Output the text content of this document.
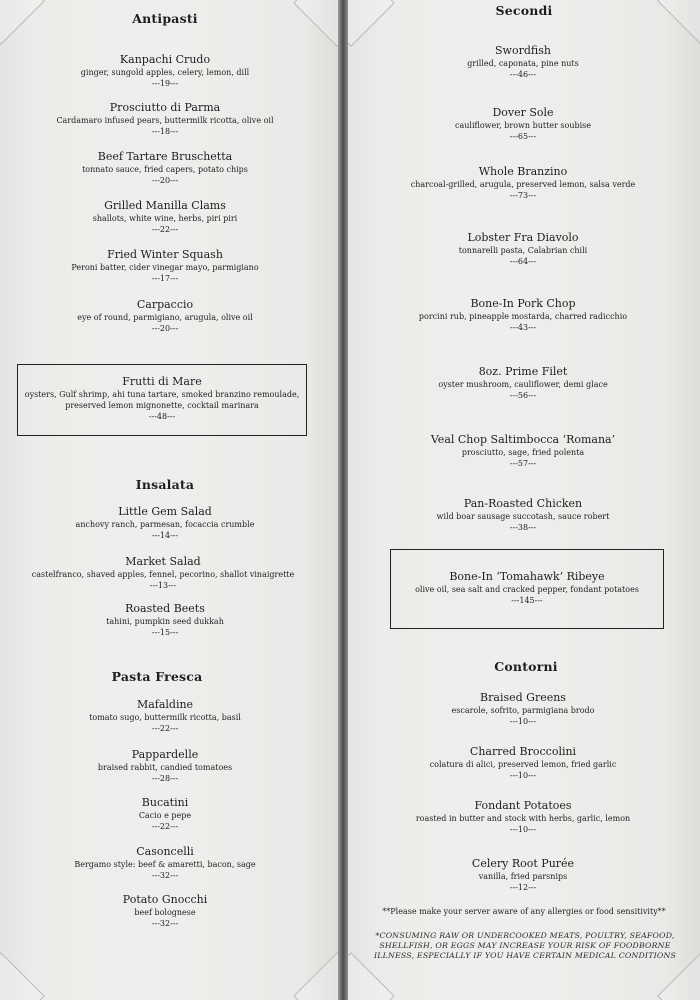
Antipasti
Kanpachi Crudo
ginger, sungold apples, celery, lemon, dill
---19---
Prosciutto di Parma
Cardamaro infused pears, buttermilk ricotta, olive oil
---18---
Beef Tartare Bruschetta
tonnato sauce, fried capers, potato chips
---20---
Grilled Manilla Clams
shallots, white wine, herbs, piri piri
---22---
Fried Winter Squash
Peroni batter, cider vinegar mayo, parmigiano
---17---
Carpaccio
eye of round, parmigiano, arugula, olive oil
---20---
Frutti di Mare
oysters, Gulf shrimp, ahi tuna tartare, smoked branzino remoulade,
preserved lemon mignonette, cocktail marinara
---48---
Insalata
Little Gem Salad
anchovy ranch, parmesan, focaccia crumble
---14---
Market Salad
castelfranco, shaved apples, fennel, pecorino, shallot vinaigrette
---13---
Roasted Beets
tahini, pumpkin seed dukkah
---15---
Pasta Fresca
Mafaldine
tomato sugo, buttermilk ricotta, basil
---22---
Pappardelle
braised rabbit, candied tomatoes
---28---
Bucatini
Cacio e pepe
---22---
Casoncelli
Bergamo style: beef & amaretti, bacon, sage
---32---
Potato Gnocchi
beef bolognese
---32---
Secondi
Swordfish
grilled, caponata, pine nuts
---46---
Dover Sole
cauliflower, brown butter soubise
---65---
Whole Branzino
charcoal-grilled, arugula, preserved lemon, salsa verde
---73---
Lobster Fra Diavolo
tonnarelli pasta, Calabrian chili
---64---
Bone-In Pork Chop
porcini rub, pineapple mostarda, charred radicchio
---43---
8oz. Prime Filet
oyster mushroom, cauliflower, demi glace
---56---
Veal Chop Saltimbocca ‘Romana’
prosciutto, sage, fried polenta
---57---
Pan-Roasted Chicken
wild boar sausage succotash, sauce robert
---38---
Bone-In ‘Tomahawk’ Ribeye
olive oil, sea salt and cracked pepper, fondant potatoes
---145---
Contorni
Braised Greens
escarole, sofrito, parmigiana brodo
---10---
Charred Broccolini
colatura di alici, preserved lemon, fried garlic
---10---
Fondant Potatoes
roasted in butter and stock with herbs, garlic, lemon
---10---
Celery Root Purée
vanilla, fried parsnips
---12---
**Please make your server aware of any allergies or food sensitivity**
*CONSUMING RAW OR UNDERCOOKED MEATS, POULTRY, SEAFOOD,
SHELLFISH, OR EGGS MAY INCREASE YOUR RISK OF FOODBORNE
ILLNESS, ESPECIALLY IF YOU HAVE CERTAIN MEDICAL CONDITIONS
